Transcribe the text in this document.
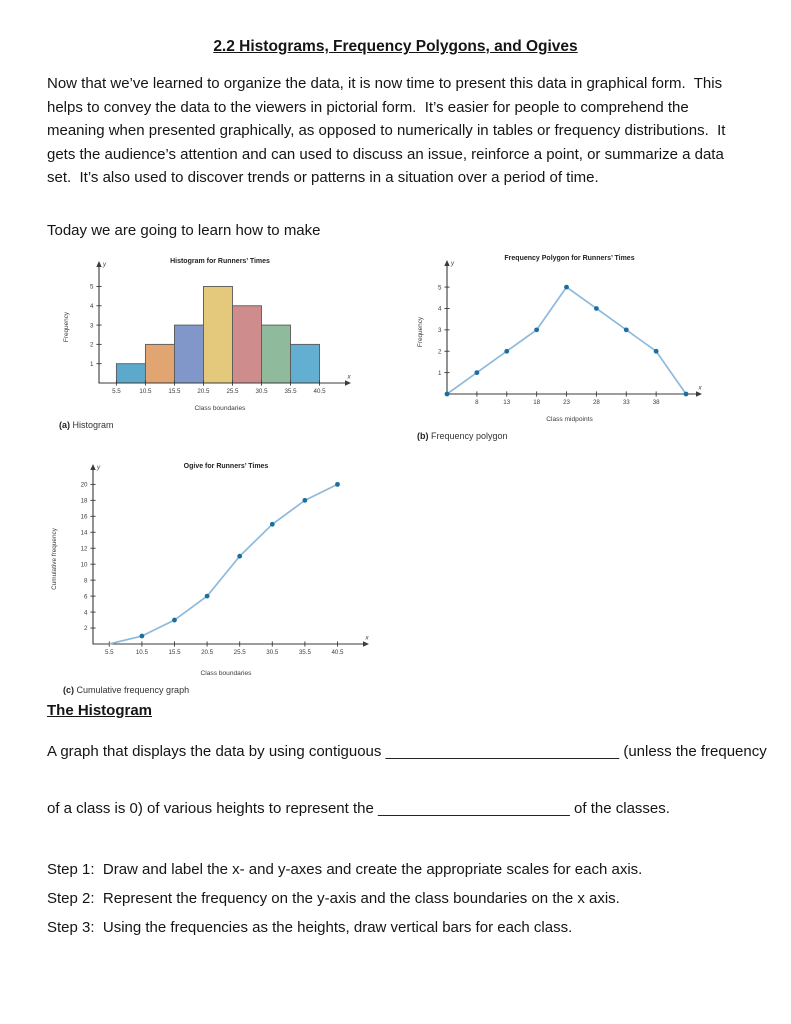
2.2 Histograms, Frequency Polygons, and Ogives

Now that we’ve learned to organize the data, it is now time to present this data in graphical form.  This helps to convey the data to the viewers in pictorial form.  It’s easier for people to comprehend the meaning when presented graphically, as opposed to numerically in tables or frequency distributions.  It gets the audience’s attention and can used to discuss an issue, reinforce a point, or summarize a data set.  It’s also used to discover trends or patterns in a situation over a period of time.

Today we are going to learn how to make

y
x
5.5	10.5	15.5	20.5	25.5	30.5	35.5	40.5
1
2
3
4
5
Histogram for Runners’ Times
Class boundaries
Frequency
(a) Histogram
y
x
8	13	18	23	28	33	38
1
2
3
4
5
Frequency Polygon for Runners’ Times
Class midpoints
Frequency
(b) Frequency polygon
y
x
5.5	10.5	15.5	20.5	25.5	30.5	35.5	40.5
2
4
6
8
10
12
14
16
18
20
Ogive for Runners’ Times
Class boundaries
Cumulative frequency
(c) Cumulative frequency graph
The Histogram

A graph that displays the data by using contiguous ____________________________ (unless the frequency

of a class is 0) of various heights to represent the _______________________ of the classes.

Step 1:  Draw and label the x- and y-axes and create the appropriate scales for each axis.

Step 2:  Represent the frequency on the y-axis and the class boundaries on the x axis.

Step 3:  Using the frequencies as the heights, draw vertical bars for each class.
